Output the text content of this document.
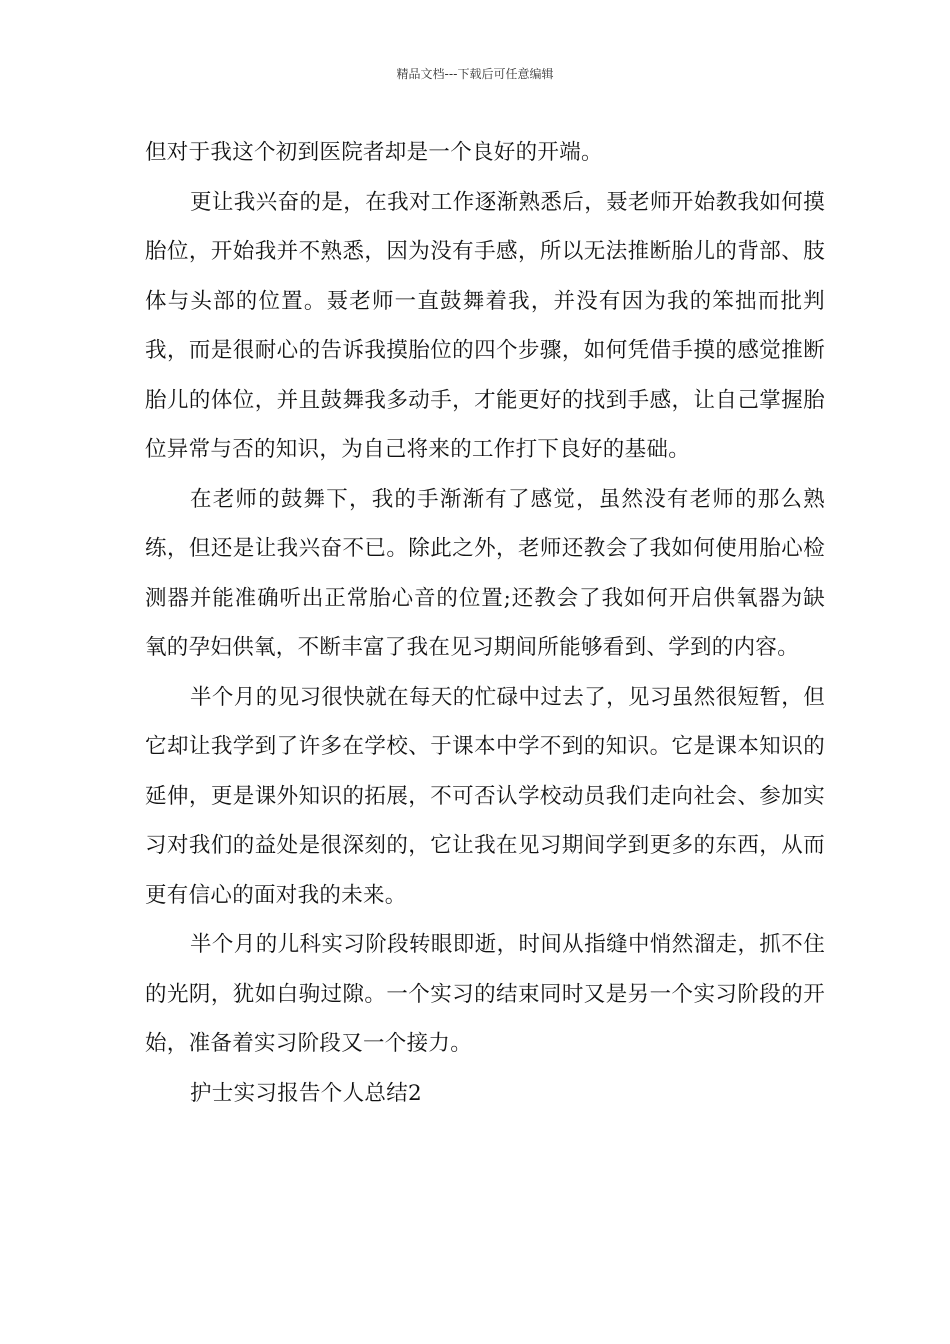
精品文档---下载后可任意编辑

但对于我这个初到医院者却是一个良好的开端。

更让我兴奋的是，在我对工作逐渐熟悉后，聂老师开始教我如何摸胎位，开始我并不熟悉，因为没有手感，所以无法推断胎儿的背部、肢体与头部的位置。聂老师一直鼓舞着我，并没有因为我的笨拙而批判我，而是很耐心的告诉我摸胎位的四个步骤，如何凭借手摸的感觉推断胎儿的体位，并且鼓舞我多动手，才能更好的找到手感，让自己掌握胎位异常与否的知识，为自己将来的工作打下良好的基础。

在老师的鼓舞下，我的手渐渐有了感觉，虽然没有老师的那么熟练，但还是让我兴奋不已。除此之外，老师还教会了我如何使用胎心检测器并能准确听出正常胎心音的位置;还教会了我如何开启供氧器为缺氧的孕妇供氧，不断丰富了我在见习期间所能够看到、学到的内容。

半个月的见习很快就在每天的忙碌中过去了，见习虽然很短暂，但它却让我学到了许多在学校、于课本中学不到的知识。它是课本知识的延伸，更是课外知识的拓展，不可否认学校动员我们走向社会、参加实习对我们的益处是很深刻的，它让我在见习期间学到更多的东西，从而更有信心的面对我的未来。

半个月的儿科实习阶段转眼即逝，时间从指缝中悄然溜走，抓不住的光阴，犹如白驹过隙。一个实习的结束同时又是另一个实习阶段的开始，准备着实习阶段又一个接力。

护士实习报告个人总结2
